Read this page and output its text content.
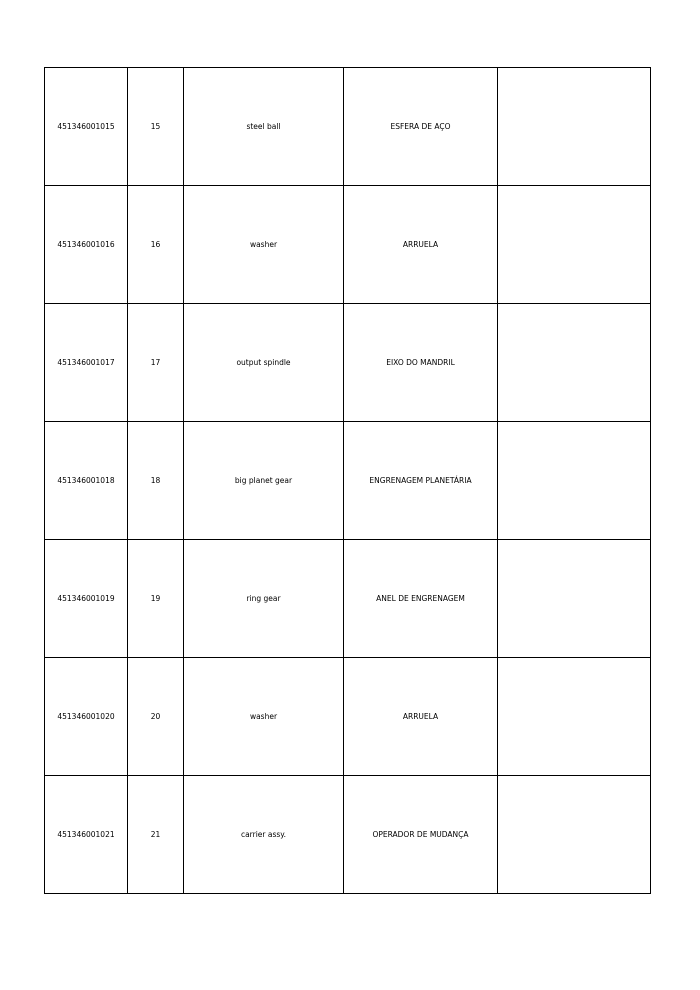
451346001015	15	steel ball	ESFERA DE AÇO	
451346001016	16	washer	ARRUELA	
451346001017	17	output spindle	EIXO DO MANDRIL	
451346001018	18	big planet gear	ENGRENAGEM PLANETÁRIA	
451346001019	19	ring gear	ANEL DE ENGRENAGEM	
451346001020	20	washer	ARRUELA	
451346001021	21	carrier assy.	OPERADOR DE MUDANÇA	
